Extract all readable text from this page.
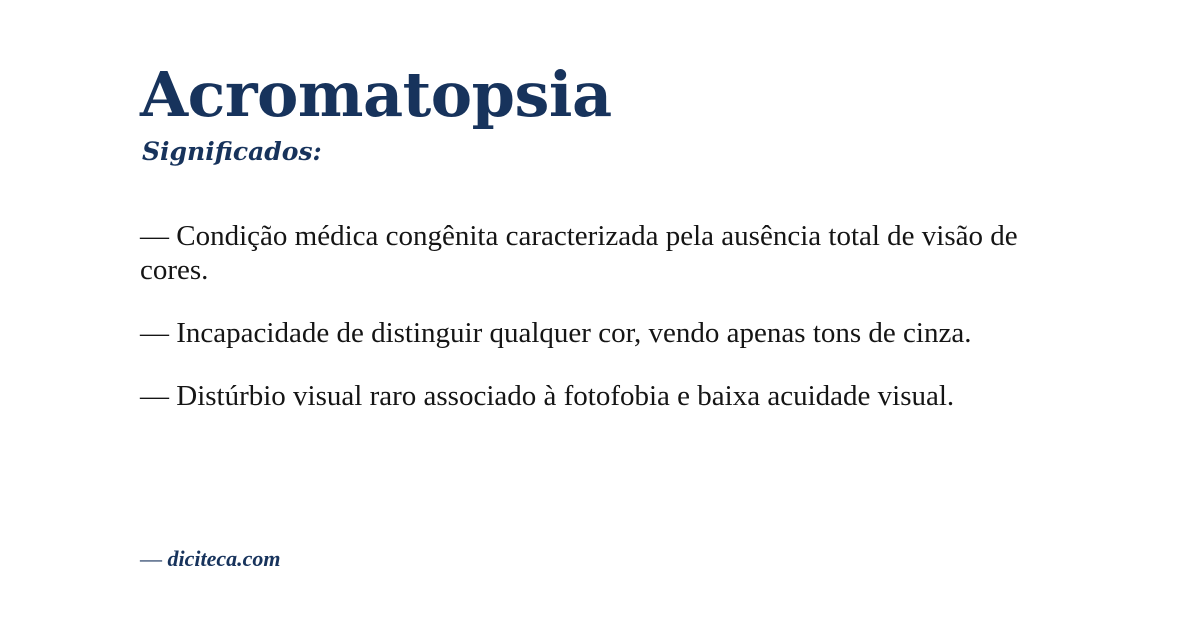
Acromatopsia
Significados:

— Condição médica congênita caracterizada pela ausência total de visão de cores.

— Incapacidade de distinguir qualquer cor, vendo apenas tons de cinza.

— Distúrbio visual raro associado à fotofobia e baixa acuidade visual.

— diciteca.com
